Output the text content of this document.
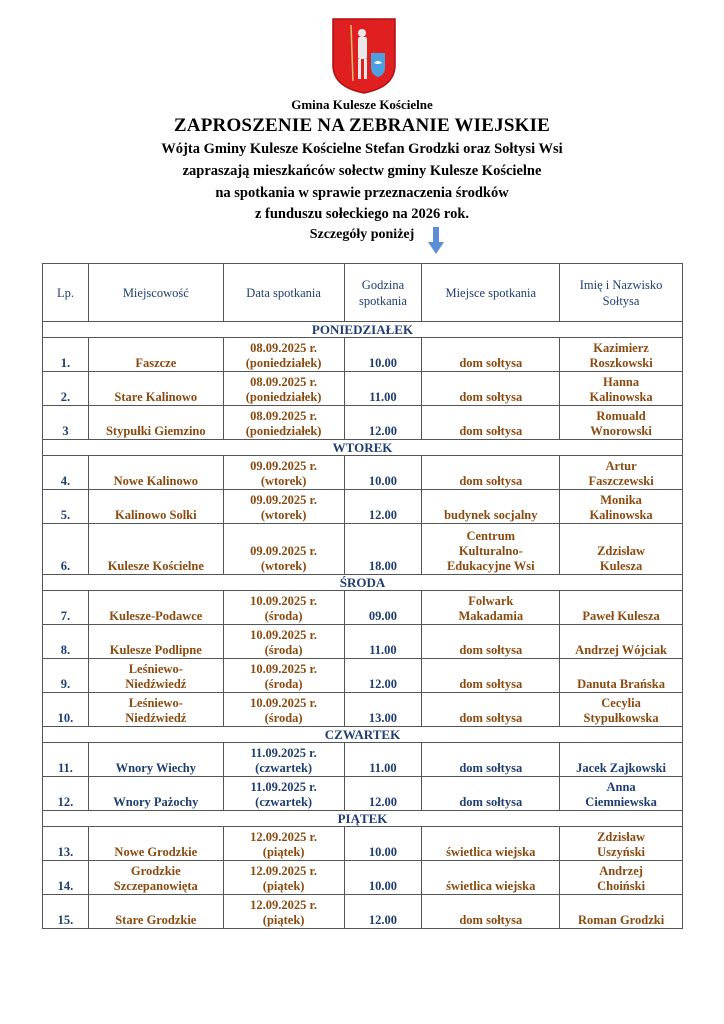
Gmina Kulesze Kościelne
ZAPROSZENIE NA ZEBRANIE WIEJSKIE
Wójta Gminy Kulesze Kościelne Stefan Grodzki oraz Sołtysi Wsi
zapraszają mieszkańców sołectw gminy Kulesze Kościelne
na spotkania w sprawie przeznaczenia środków
z funduszu sołeckiego na 2026 rok.
Szczegóły poniżej
Lp.	Miejscowość	Data spotkania	Godzina
spotkania	Miejsce spotkania	Imię i Nazwisko
Sołtysa
PONIEDZIAŁEK					
1.	Faszcze	08.09.2025 r.
(poniedziałek)	10.00	dom sołtysa	Kazimierz
Roszkowski
2.	Stare Kalinowo	08.09.2025 r.
(poniedziałek)	11.00	dom sołtysa	Hanna
Kalinowska
3	Stypułki Giemzino	08.09.2025 r.
(poniedziałek)	12.00	dom sołtysa	Romuald
Wnorowski
WTOREK					
4.	Nowe Kalinowo	09.09.2025 r.
(wtorek)	10.00	dom sołtysa	Artur
Faszczewski
5.	Kalinowo Solki	09.09.2025 r.
(wtorek)	12.00	budynek socjalny	Monika
Kalinowska
6.	Kulesze Kościelne	09.09.2025 r.
(wtorek)	18.00	Centrum
Kulturalno-
Edukacyjne Wsi	Zdzisław
Kulesza
ŚRODA					
7.	Kulesze-Podawce	10.09.2025 r.
(środa)	09.00	Folwark
Makadamia	Paweł Kulesza
8.	Kulesze Podlipne	10.09.2025 r.
(środa)	11.00	dom sołtysa	Andrzej Wójciak
9.	Leśniewo-
Niedźwiedź	10.09.2025 r.
(środa)	12.00	dom sołtysa	Danuta Brańska
10.	Leśniewo-
Niedźwiedź	10.09.2025 r.
(środa)	13.00	dom sołtysa	Cecylia
Stypułkowska
CZWARTEK					
11.	Wnory Wiechy	11.09.2025 r.
(czwartek)	11.00	dom sołtysa	Jacek Zajkowski
12.	Wnory Pażochy	11.09.2025 r.
(czwartek)	12.00	dom sołtysa	Anna
Ciemniewska
PIĄTEK					
13.	Nowe Grodzkie	12.09.2025 r.
(piątek)	10.00	świetlica wiejska	Zdzisław
Uszyński
14.	Grodzkie
Szczepanowięta	12.09.2025 r.
(piątek)	10.00	świetlica wiejska	Andrzej
Choiński
15.	Stare Grodzkie	12.09.2025 r.
(piątek)	12.00	dom sołtysa	Roman Grodzki
